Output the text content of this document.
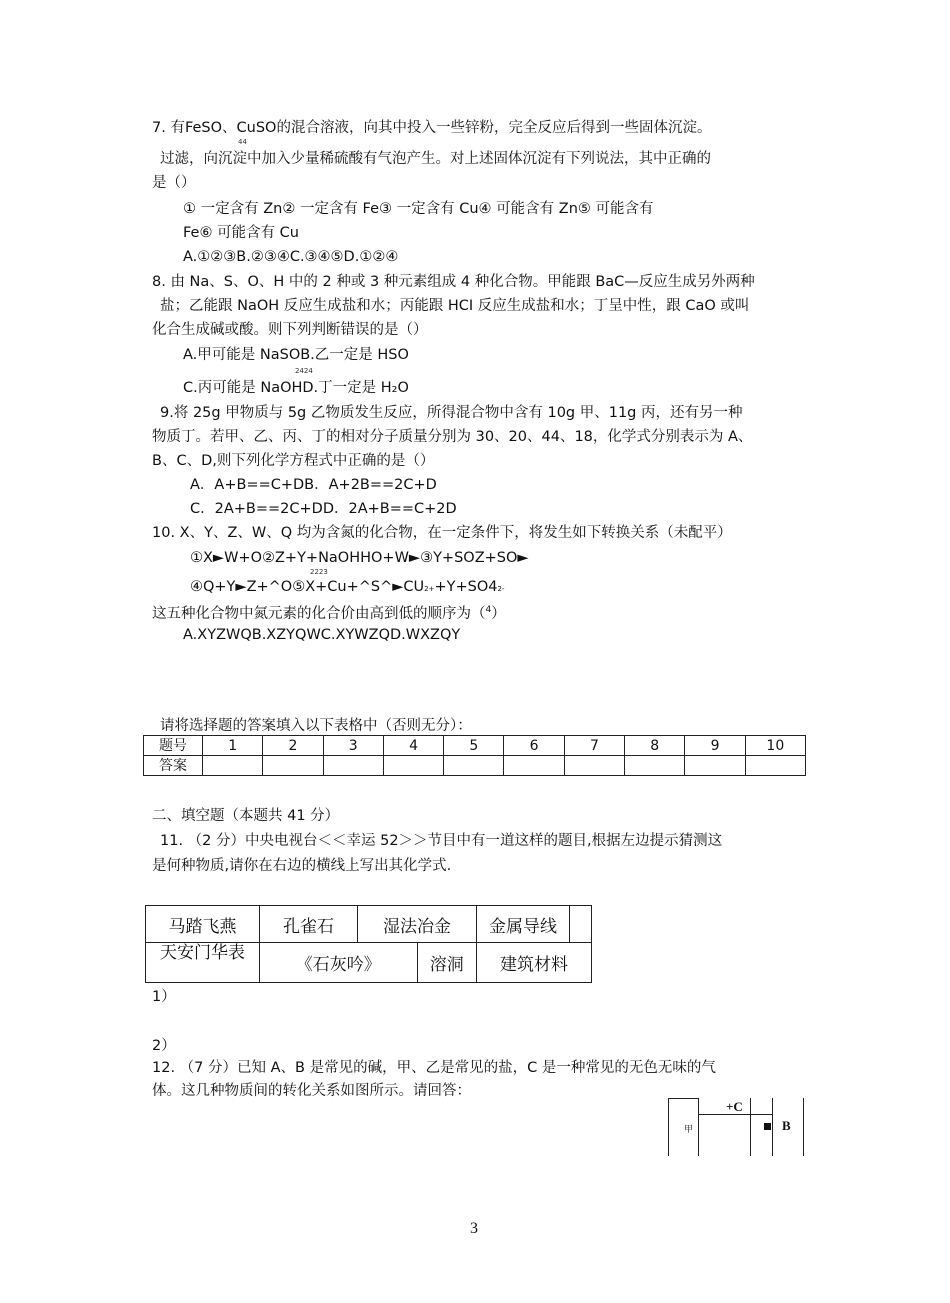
7. 有FeSO、CuSO的混合溶液，向其中投入一些锌粉，完全反应后得到一些固体沉淀。
44
过滤，向沉淀中加入少量稀硫酸有气泡产生。对上述固体沉淀有下列说法，其中正确的
是（）
① 一定含有 Zn② 一定含有 Fe③ 一定含有 Cu④ 可能含有 Zn⑤ 可能含有
Fe⑥ 可能含有 Cu
A.①②③B.②③④C.③④⑤D.①②④
8. 由 Na、S、O、H 中的 2 种或 3 种元素组成 4 种化合物。甲能跟 BaC—反应生成另外两种
盐；乙能跟 NaOH 反应生成盐和水；丙能跟 HCI 反应生成盐和水；丁呈中性，跟 CaO 或叫
化合生成碱或酸。则下列判断错误的是（）
A.甲可能是 NaSOB.乙一定是 HSO
2424
C.丙可能是 NaOHD.丁一定是 H₂O
9.将 25g 甲物质与 5g 乙物质发生反应，所得混合物中含有 10g 甲、11g 丙，还有另一种
物质丁。若甲、乙、丙、丁的相对分子质量分别为 30、20、44、18，化学式分别表示为 A、
B、C、D,则下列化学方程式中正确的是（）
A．A+B==C+DB．A+2B==2C+D
C．2A+B==2C+DD．2A+B==C+2D
10. X、Y、Z、W、Q 均为含氮的化合物，在一定条件下，将发生如下转换关系（未配平）
①X►W+O②Z+Y+NaOHHO+W►③Y+SOZ+SO►
2223
④Q+Y►Z+^O⑤X+Cu+^S^►CU2++Y+SO42-
这五种化合物中氮元素的化合价由高到低的顺序为（$^4$）
A.XYZWQB.XZYQWC.XYWZQD.WXZQY
请将选择题的答案填入以下表格中（否则无分）：
题号	1	2	3	4	5	6	7	8	9	10
答案										
二、填空题（本题共 41 分）
11. （2 分）中央电视台＜＜幸运 52＞＞节目中有一道这样的题目,根据左边提示猜测这
是何种物质,请你在右边的横线上写出其化学式.
马踏飞燕	孔雀石	湿法冶金		金属导线	
天安门华表	《石灰吟》		溶洞	建筑材料	
1）
2）
12. （7 分）已知 A、B 是常见的碱，甲、乙是常见的盐，C 是一种常见的无色无味的气
体。这几种物质间的转化关系如图所示。请回答：
甲
+C
B
3
